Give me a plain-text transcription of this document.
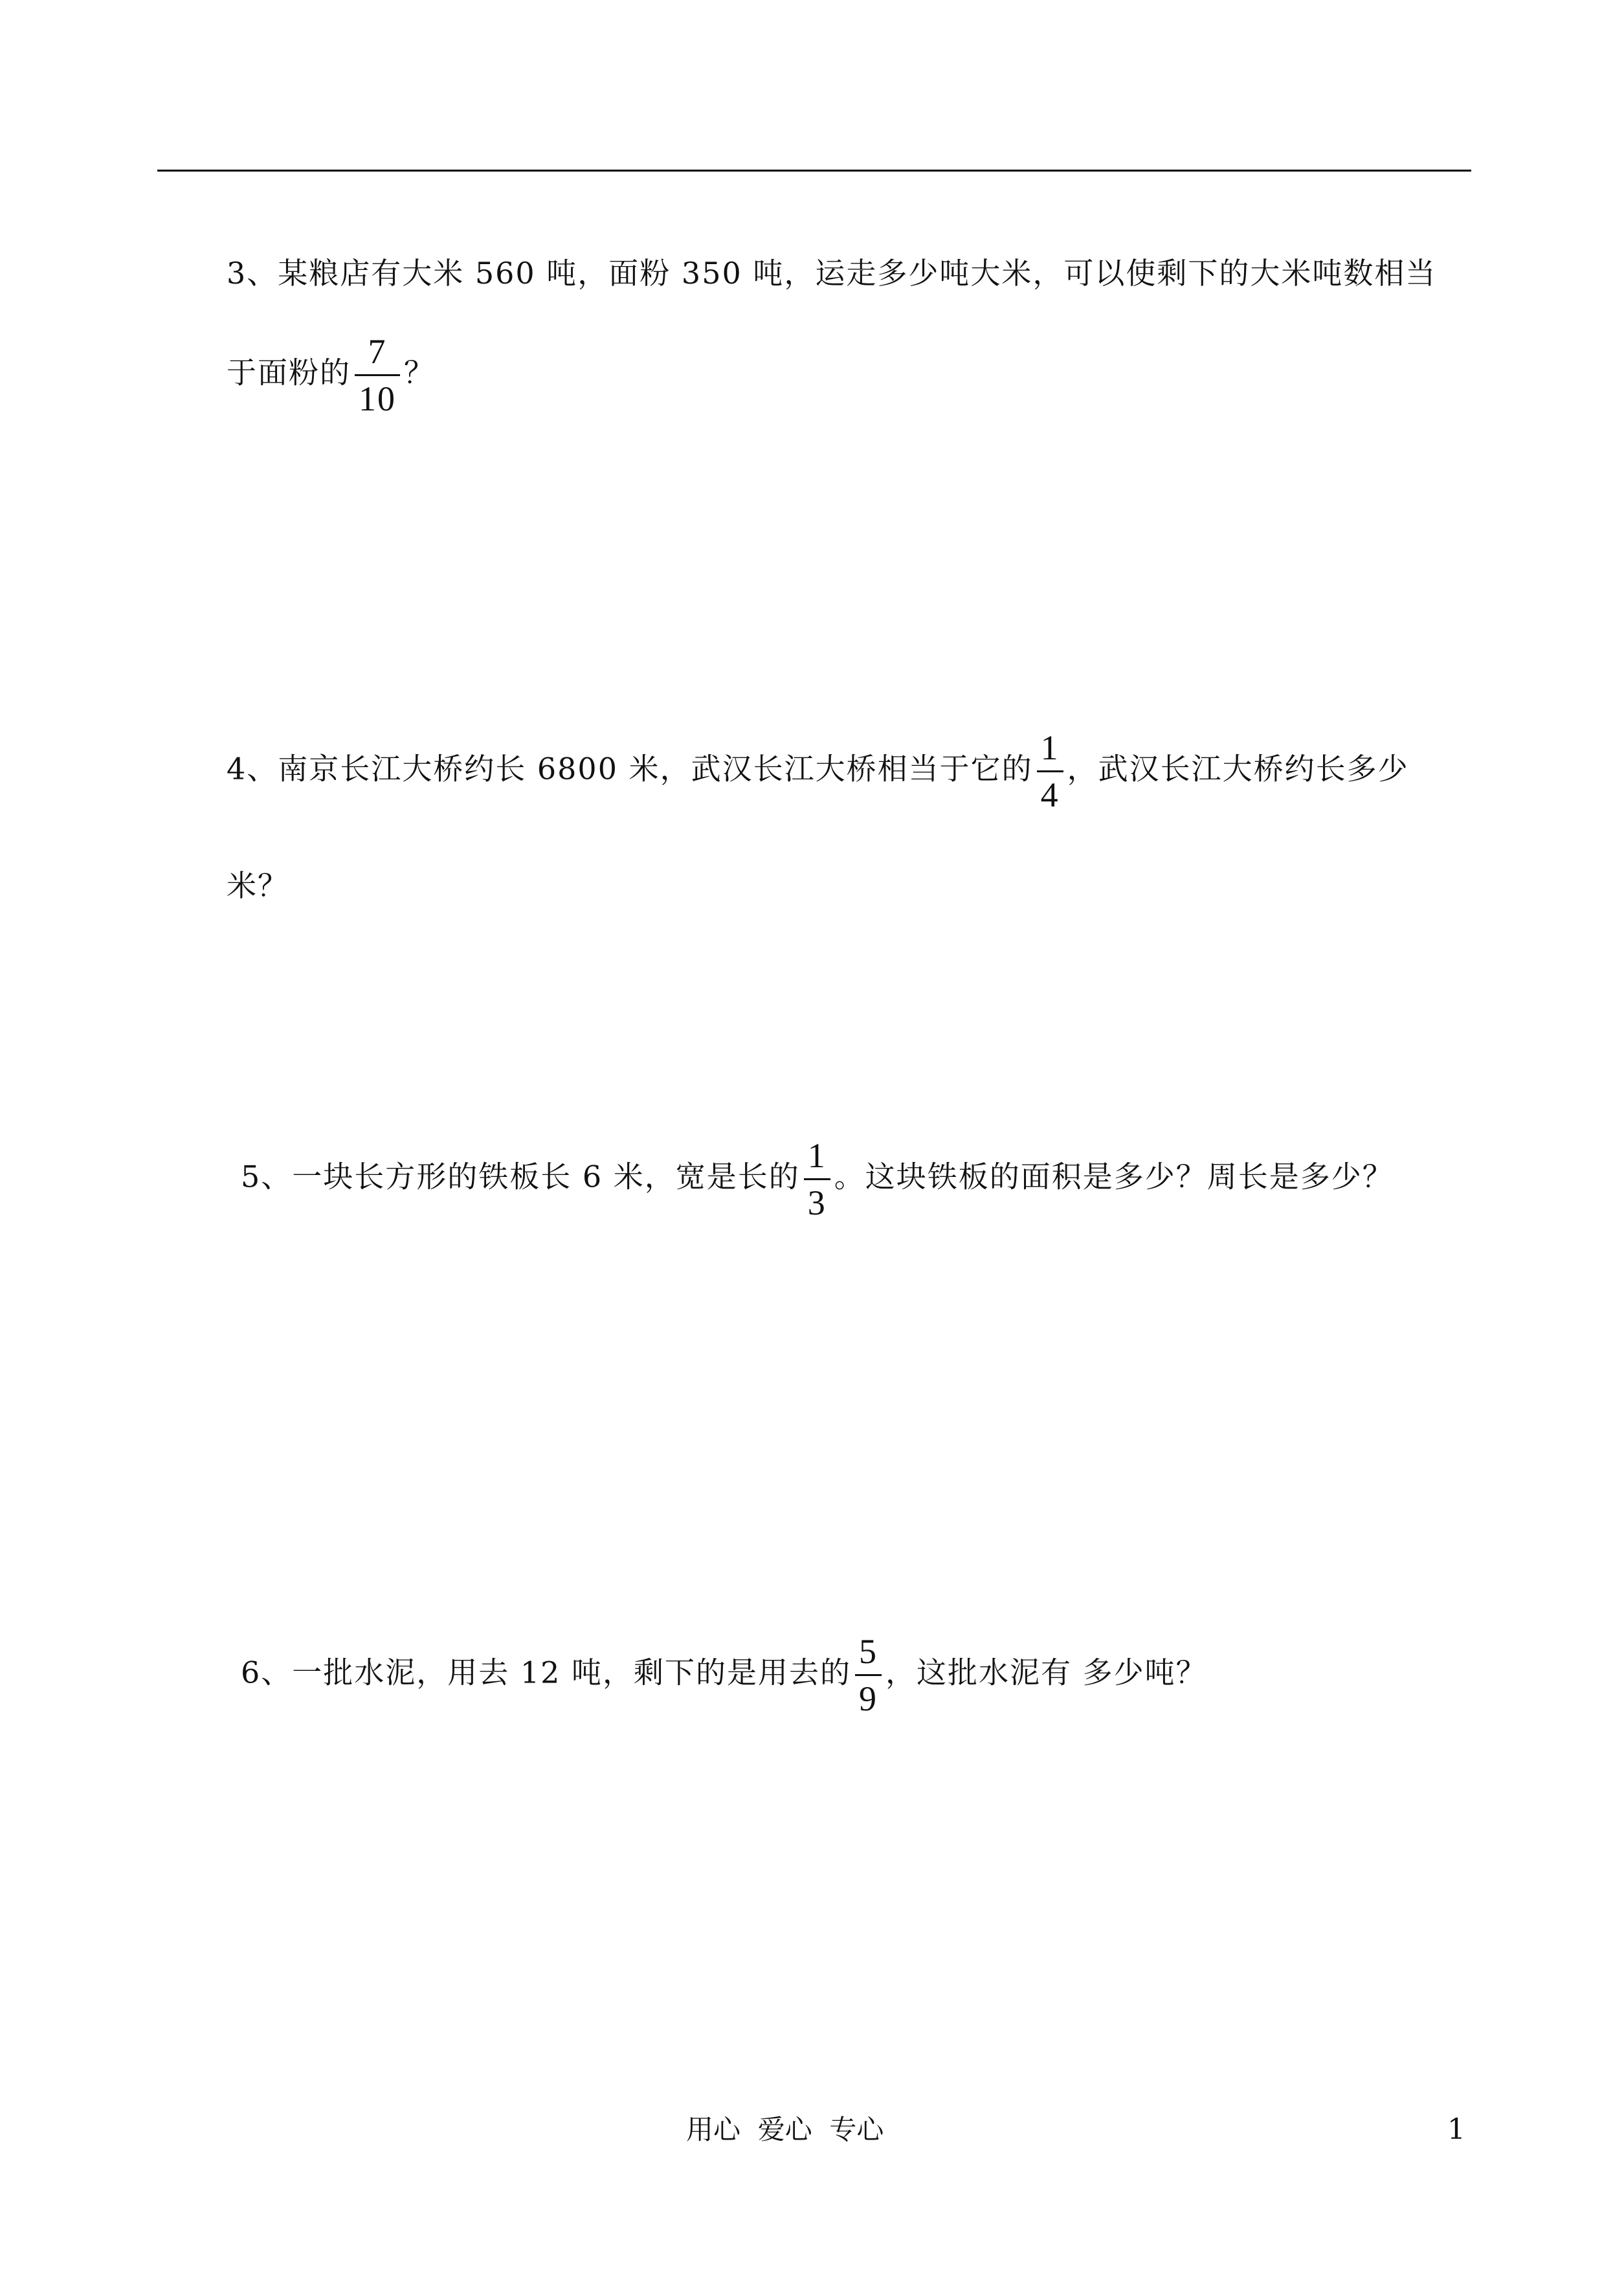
3、某粮店有大米 560 吨，面粉 350 吨，运走多少吨大米，可以使剩下的大米吨数相当
于面粉的 $\frac{7}{10}$ ？
4、南京长江大桥约长 6800 米，武汉长江大桥相当于它的 $\frac{1}{4}$ ，武汉长江大桥约长多少
米？
5、一块长方形的铁板长 6 米，宽是长的 $\frac{1}{3}$ 。这块铁板的面积是多少？周长是多少？
6、一批水泥，用去 12 吨，剩下的是用去的 $\frac{5}{9}$ ，这批水泥有 多少吨？
用心  爱心  专心	1
